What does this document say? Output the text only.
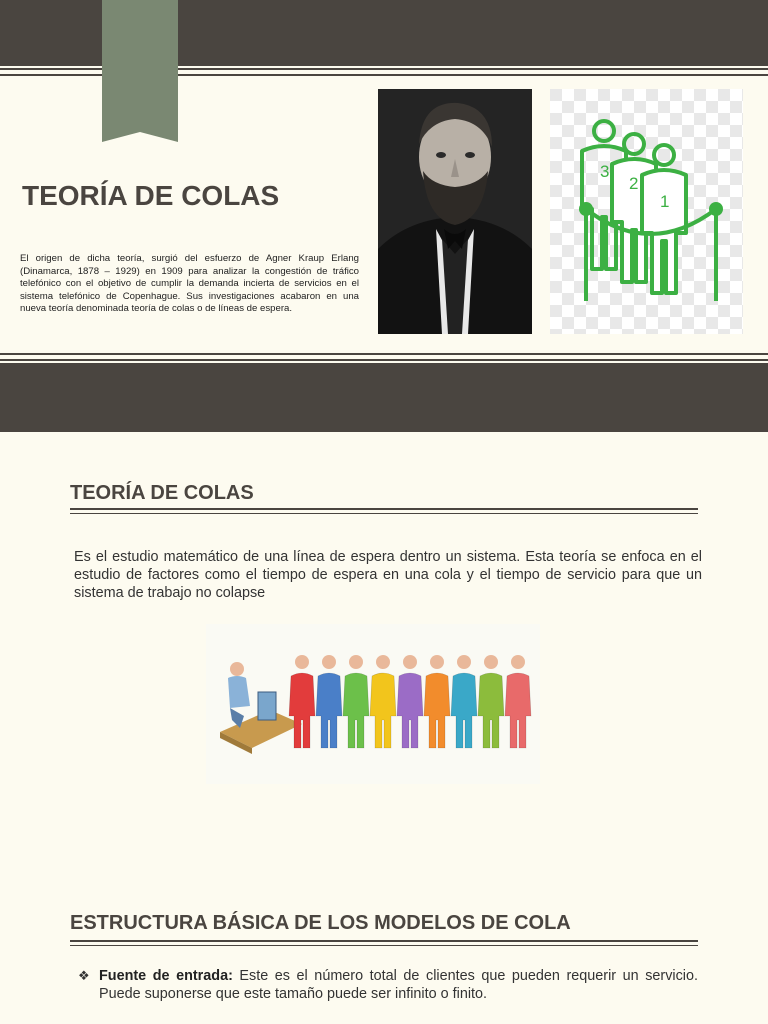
TEORÍA DE COLAS

El origen de dicha teoría, surgió del esfuerzo de Agner Kraup Erlang (Dinamarca, 1878 – 1929) en 1909 para analizar la congestión de tráfico telefónico con el objetivo de cumplir la demanda incierta de servicios en el sistema telefónico de Copenhague. Sus investigaciones acabaron en una nueva teoría denominada teoría de colas o de líneas de espera.

3
2
1
TEORÍA DE COLAS

Es el estudio matemático de una línea de espera dentro un sistema. Esta teoría se enfoca en el estudio de factores como el tiempo de espera en una cola y el tiempo de servicio para que un sistema de trabajo no colapse

ESTRUCTURA BÁSICA DE LOS MODELOS DE COLA
❖ Fuente de entrada: Este es el número total de clientes que pueden requerir un servicio. Puede suponerse que este tamaño puede ser infinito o finito.
